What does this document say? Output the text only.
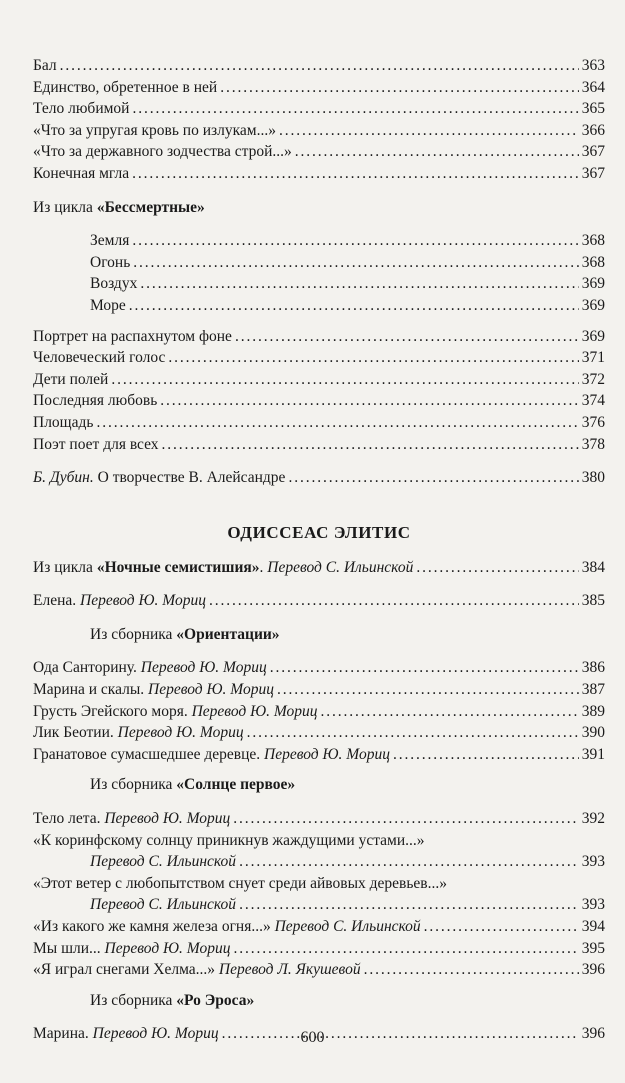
Бал . . .	363
Единство, обретенное в ней . . .	364
Тело любимой . . .	365
«Что за упругая кровь по излукам...» . . .	366
«Что за державного зодчества строй...» . . .	367
Конечная мгла . . .	367
Из цикла «Бессмертные»
Земля . . .	368
Огонь . . .	368
Воздух . . .	369
Море . . .	369
Портрет на распахнутом фоне . . .	369
Человеческий голос . . .	371
Дети полей . . .	372
Последняя любовь . . .	374
Площадь . . .	376
Поэт поет для всех . . .	378
Б. Дубин. О творчестве В. Алейсандре . . .	380
ОДИССЕАС ЭЛИТИС
Из цикла «Ночные семистишия». Перевод С. Ильинской . . .	384
Елена. Перевод Ю. Мориц . . .	385
Из сборника «Ориентации»
Ода Санторину. Перевод Ю. Мориц . . .	386
Марина и скалы. Перевод Ю. Мориц . . .	387
Грусть Эгейского моря. Перевод Ю. Мориц . . .	389
Лик Беотии. Перевод Ю. Мориц . . .	390
Гранатовое сумасшедшее деревце. Перевод Ю. Мориц . . .	391
Из сборника «Солнце первое»
Тело лета. Перевод Ю. Мориц . . .	392
«К коринфскому солнцу приникнув жаждущими устами...»
Перевод С. Ильинской . . .	393
«Этот ветер с любопытством снует среди айвовых деревьев...»
Перевод С. Ильинской . . .	393
«Из какого же камня железа огня...» Перевод С. Ильинской . . .	394
Мы шли... Перевод Ю. Мориц . . .	395
«Я играл снегами Хелма...» Перевод Л. Якушевой . . .	396
Из сборника «Ро Эроса»
Марина. Перевод Ю. Мориц . . .	396
600
